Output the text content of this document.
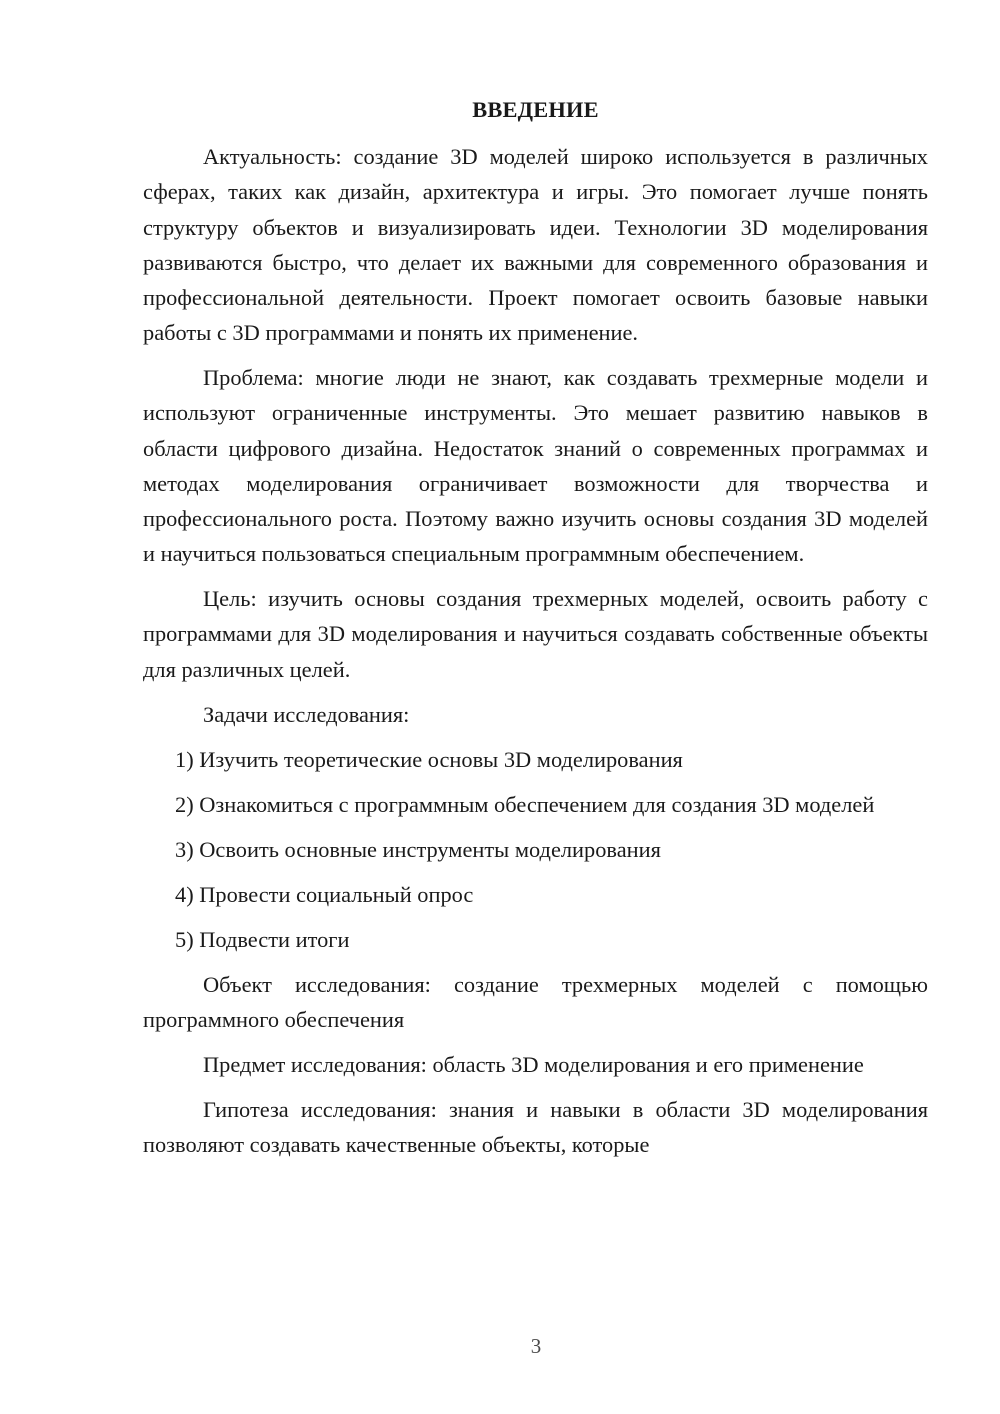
ВВЕДЕНИЕ

Актуальность: создание 3D моделей широко используется в различных сферах, таких как дизайн, архитектура и игры. Это помогает лучше понять структуру объектов и визуализировать идеи. Технологии 3D моделирования развиваются быстро, что делает их важными для современного образования и профессиональной деятельности. Проект помогает освоить базовые навыки работы с 3D программами и понять их применение.

Проблема: многие люди не знают, как создавать трехмерные модели и используют ограниченные инструменты. Это мешает развитию навыков в области цифрового дизайна. Недостаток знаний о современных программах и методах моделирования ограничивает возможности для творчества и профессионального роста. Поэтому важно изучить основы создания 3D моделей и научиться пользоваться специальным программным обеспечением.

Цель: изучить основы создания трехмерных моделей, освоить работу с программами для 3D моделирования и научиться создавать собственные объекты для различных целей.

Задачи исследования:

1) Изучить теоретические основы 3D моделирования

2) Ознакомиться с программным обеспечением для создания 3D моделей

3) Освоить основные инструменты моделирования

4) Провести социальный опрос

5) Подвести итоги

Объект исследования: создание трехмерных моделей с помощью программного обеспечения

Предмет исследования: область 3D моделирования и его применение

Гипотеза исследования: знания и навыки в области 3D моделирования позволяют создавать качественные объекты, которые

3
